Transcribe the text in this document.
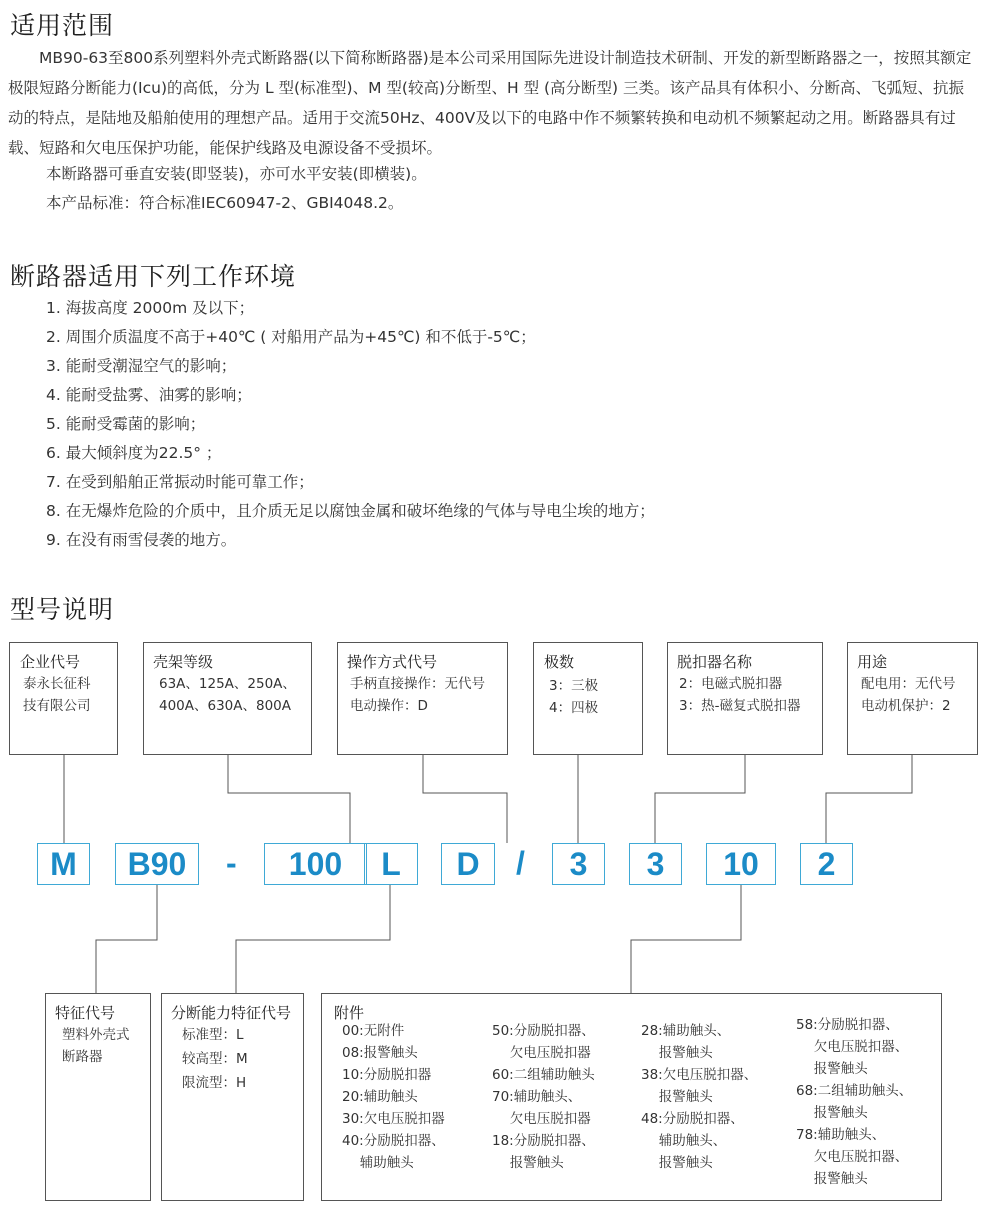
适用范围

　　MB90-63至800系列塑料外壳式断路器(以下简称断路器)是本公司采用国际先进设计制造技术研制、开发的新型断路器之一，按照其额定极限短路分断能力(Icu)的高低，分为 L 型(标准型)、M 型(较高)分断型、H 型 (高分断型) 三类。该产品具有体积小、分断高、飞弧短、抗振动的特点，是陆地及船舶使用的理想产品。适用于交流50Hz、400V及以下的电路中作不频繁转换和电动机不频繁起动之用。断路器具有过载、短路和欠电压保护功能，能保护线路及电源设备不受损坏。

本断路器可垂直安装(即竖装)，亦可水平安装(即横装)。

本产品标准：符合标准IEC60947-2、GBI4048.2。

断路器适用下列工作环境
1. 海拔高度 2000m 及以下；
2. 周围介质温度不高于+40℃ ( 对船用产品为+45℃) 和不低于-5℃；
3. 能耐受潮湿空气的影响；
4. 能耐受盐雾、油雾的影响；
5. 能耐受霉菌的影响；
6. 最大倾斜度为22.5° ；
7. 在受到船舶正常振动时能可靠工作；
8. 在无爆炸危险的介质中，且介质无足以腐蚀金属和破坏绝缘的气体与导电尘埃的地方；
9. 在没有雨雪侵袭的地方。
型号说明
企业代号
泰永长征科
技有限公司
壳架等级
63A、125A、250A、
400A、630A、800A
操作方式代号
手柄直接操作：无代号
电动操作：D
极数
3：三极
4：四极
脱扣器名称
2：电磁式脱扣器
3：热-磁复式脱扣器
用途
配电用：无代号
电动机保护：2
M	B90	-	100	L	D	/	3	3	10	2
特征代号
塑料外壳式
断路器
分断能力特征代号
标准型：L
较高型：M
限流型：H
附件
00:无附件
08:报警触头
10:分励脱扣器
20:辅助触头
30:欠电压脱扣器
40:分励脱扣器、
　 辅助触头
50:分励脱扣器、
　 欠电压脱扣器
60:二组辅助触头
70:辅助触头、
　 欠电压脱扣器
18:分励脱扣器、
　 报警触头
28:辅助触头、
　 报警触头
38:欠电压脱扣器、
　 报警触头
48:分励脱扣器、
　 辅助触头、
　 报警触头
58:分励脱扣器、
　 欠电压脱扣器、
　 报警触头
68:二组辅助触头、
　 报警触头
78:辅助触头、
　 欠电压脱扣器、
　 报警触头
